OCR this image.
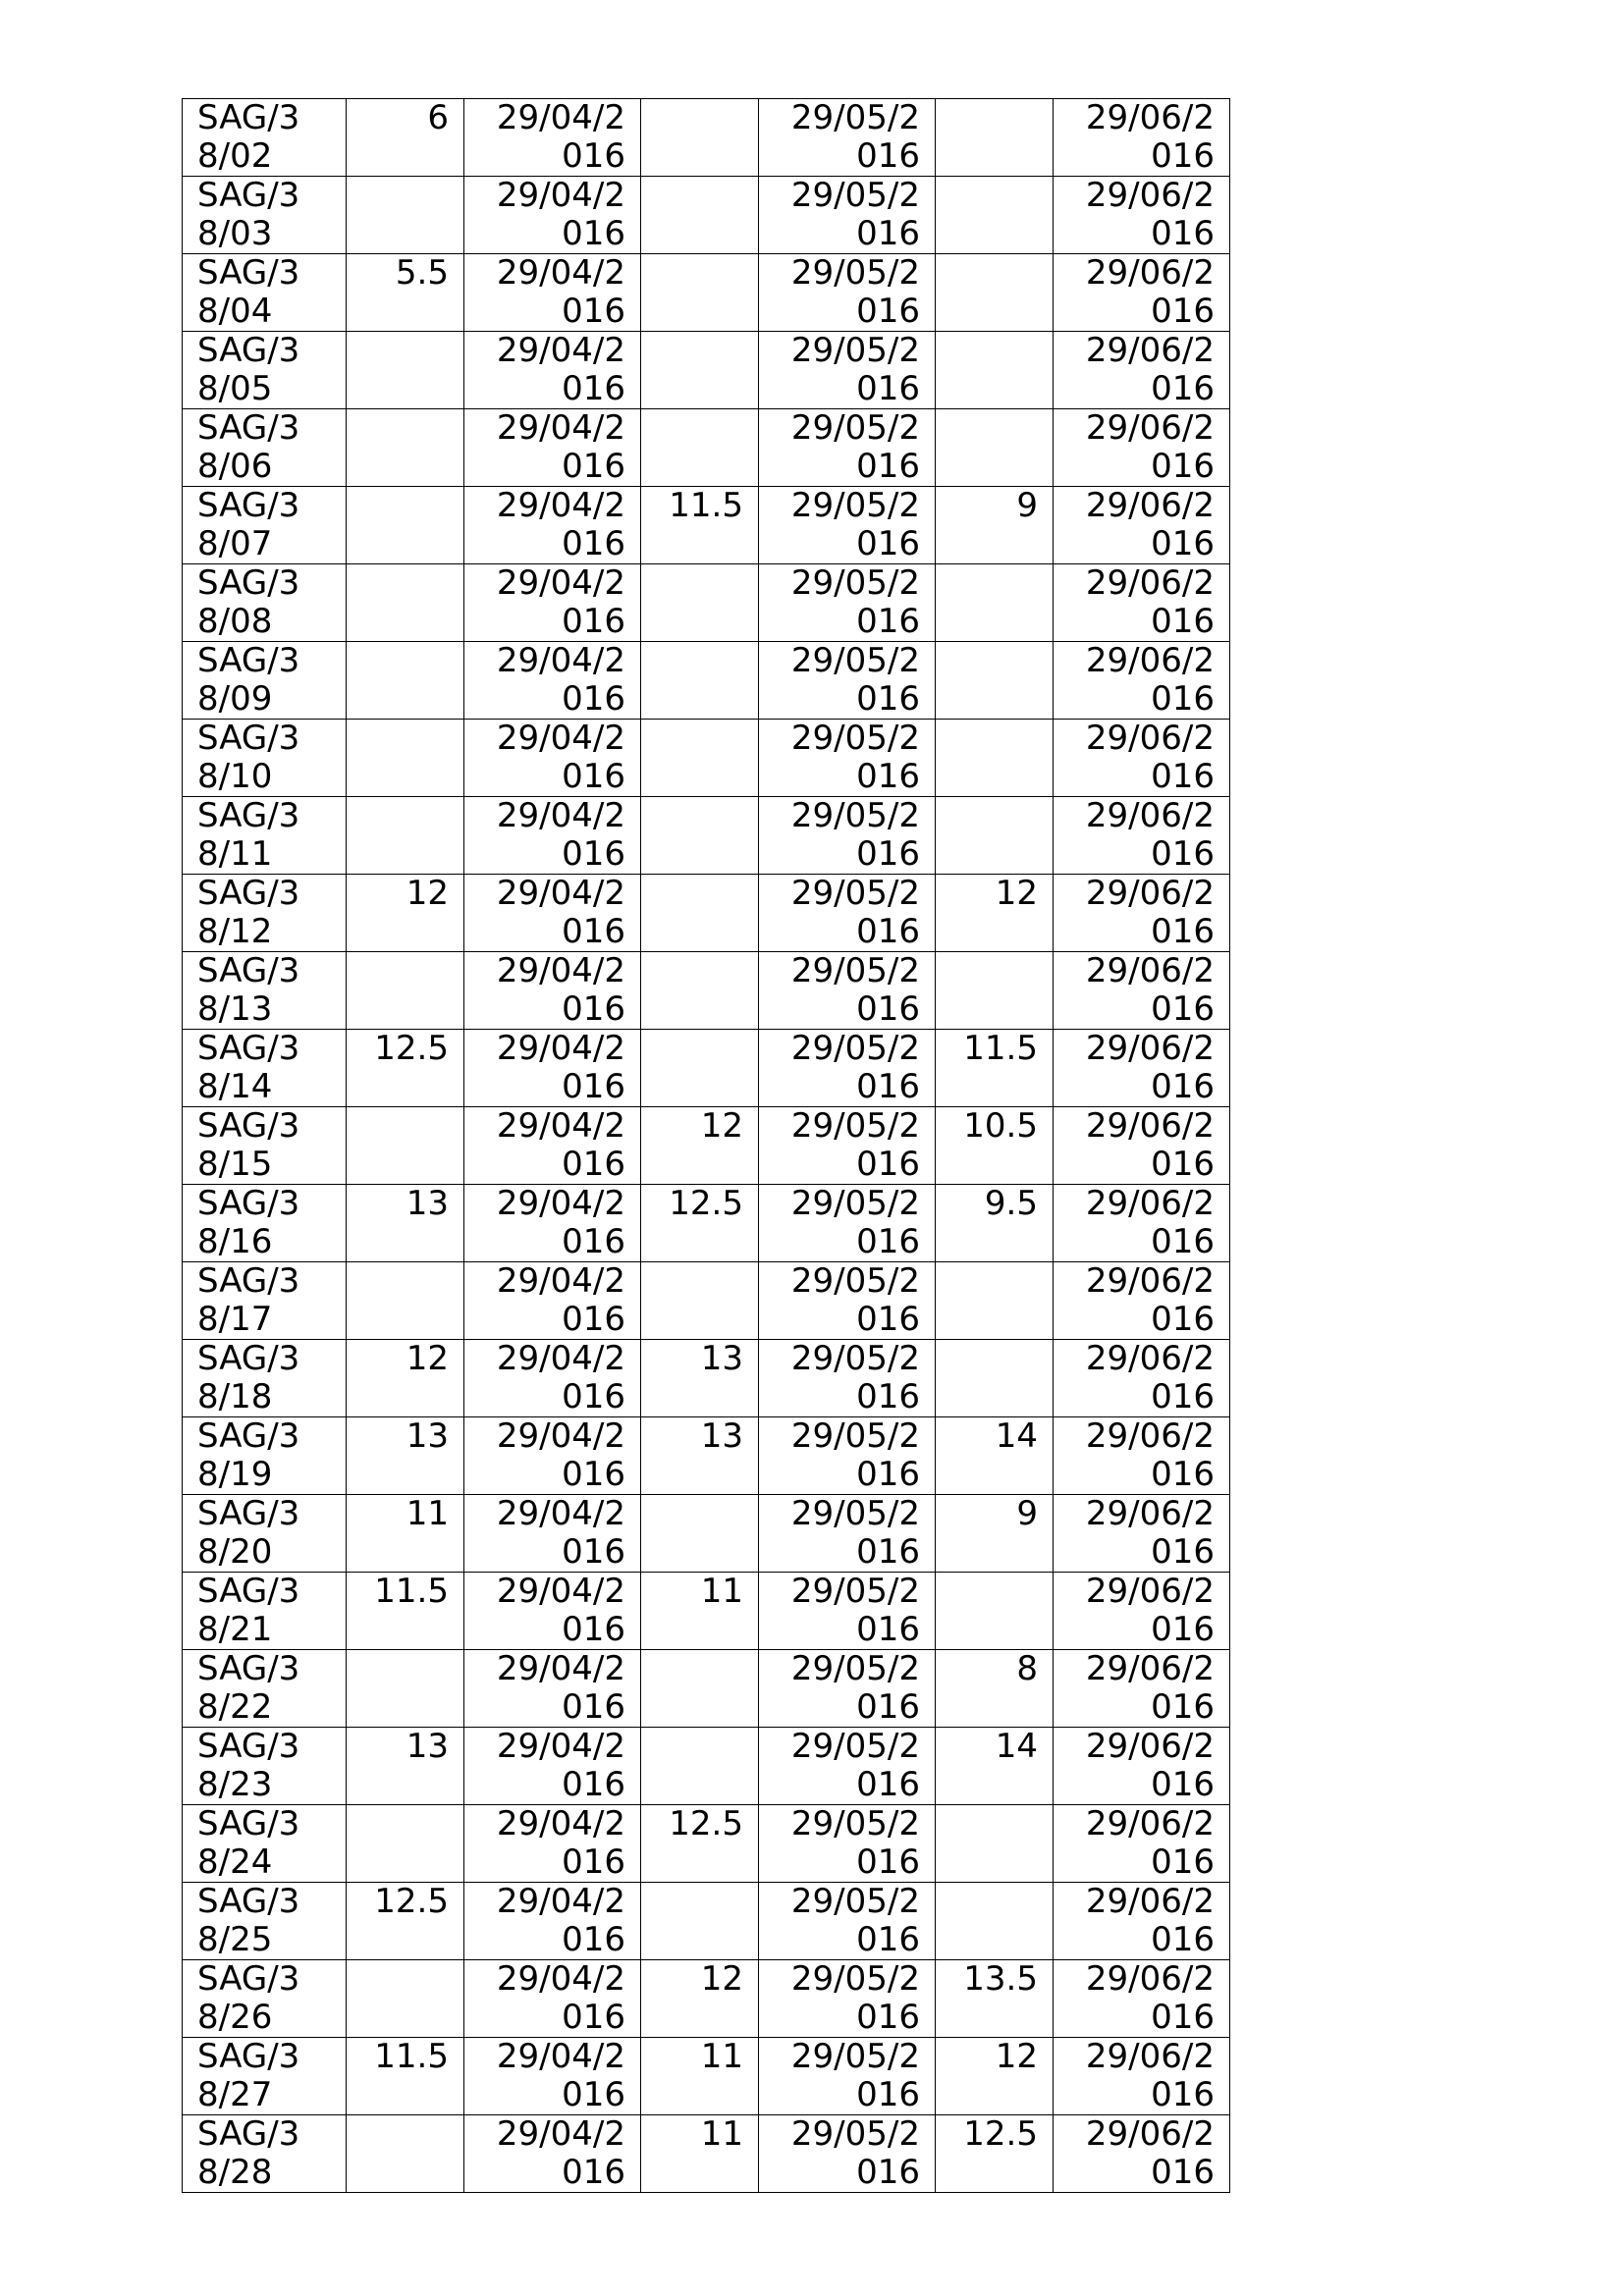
SAG/38/02	6	29/04/2016		29/05/2016		29/06/2016
SAG/38/03		29/04/2016		29/05/2016		29/06/2016
SAG/38/04	5.5	29/04/2016		29/05/2016		29/06/2016
SAG/38/05		29/04/2016		29/05/2016		29/06/2016
SAG/38/06		29/04/2016		29/05/2016		29/06/2016
SAG/38/07		29/04/2016	11.5	29/05/2016	9	29/06/2016
SAG/38/08		29/04/2016		29/05/2016		29/06/2016
SAG/38/09		29/04/2016		29/05/2016		29/06/2016
SAG/38/10		29/04/2016		29/05/2016		29/06/2016
SAG/38/11		29/04/2016		29/05/2016		29/06/2016
SAG/38/12	12	29/04/2016		29/05/2016	12	29/06/2016
SAG/38/13		29/04/2016		29/05/2016		29/06/2016
SAG/38/14	12.5	29/04/2016		29/05/2016	11.5	29/06/2016
SAG/38/15		29/04/2016	12	29/05/2016	10.5	29/06/2016
SAG/38/16	13	29/04/2016	12.5	29/05/2016	9.5	29/06/2016
SAG/38/17		29/04/2016		29/05/2016		29/06/2016
SAG/38/18	12	29/04/2016	13	29/05/2016		29/06/2016
SAG/38/19	13	29/04/2016	13	29/05/2016	14	29/06/2016
SAG/38/20	11	29/04/2016		29/05/2016	9	29/06/2016
SAG/38/21	11.5	29/04/2016	11	29/05/2016		29/06/2016
SAG/38/22		29/04/2016		29/05/2016	8	29/06/2016
SAG/38/23	13	29/04/2016		29/05/2016	14	29/06/2016
SAG/38/24		29/04/2016	12.5	29/05/2016		29/06/2016
SAG/38/25	12.5	29/04/2016		29/05/2016		29/06/2016
SAG/38/26		29/04/2016	12	29/05/2016	13.5	29/06/2016
SAG/38/27	11.5	29/04/2016	11	29/05/2016	12	29/06/2016
SAG/38/28		29/04/2016	11	29/05/2016	12.5	29/06/2016
